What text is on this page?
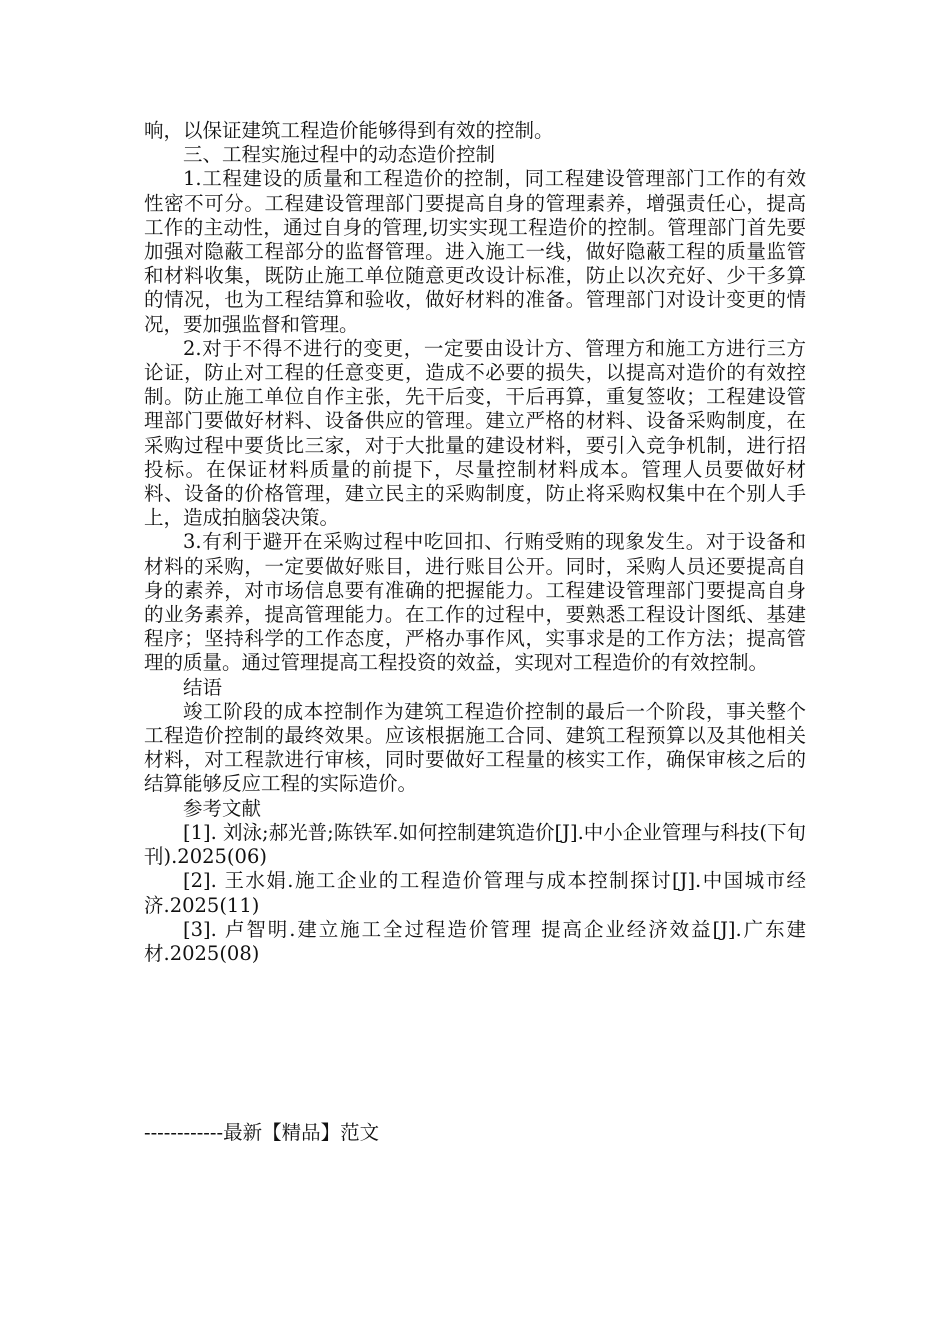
响，以保证建筑工程造价能够得到有效的控制。

三、工程实施过程中的动态造价控制

1.工程建设的质量和工程造价的控制，同工程建设管理部门工作的有效性密不可分。工程建设管理部门要提高自身的管理素养，增强责任心，提高工作的主动性，通过自身的管理,切实实现工程造价的控制。管理部门首先要加强对隐蔽工程部分的监督管理。进入施工一线，做好隐蔽工程的质量监管和材料收集，既防止施工单位随意更改设计标准，防止以次充好、少干多算的情况，也为工程结算和验收，做好材料的准备。管理部门对设计变更的情况，要加强监督和管理。

2.对于不得不进行的变更，一定要由设计方、管理方和施工方进行三方论证，防止对工程的任意变更，造成不必要的损失，以提高对造价的有效控制。防止施工单位自作主张，先干后变，干后再算，重复签收；工程建设管理部门要做好材料、设备供应的管理。建立严格的材料、设备采购制度，在采购过程中要货比三家，对于大批量的建设材料，要引入竞争机制，进行招投标。在保证材料质量的前提下，尽量控制材料成本。管理人员要做好材料、设备的价格管理，建立民主的采购制度，防止将采购权集中在个别人手上，造成拍脑袋决策。

3.有利于避开在采购过程中吃回扣、行贿受贿的现象发生。对于设备和材料的采购，一定要做好账目，进行账目公开。同时，采购人员还要提高自身的素养，对市场信息要有准确的把握能力。工程建设管理部门要提高自身的业务素养，提高管理能力。在工作的过程中，要熟悉工程设计图纸、基建程序；坚持科学的工作态度，严格办事作风，实事求是的工作方法；提高管理的质量。通过管理提高工程投资的效益，实现对工程造价的有效控制。

结语

竣工阶段的成本控制作为建筑工程造价控制的最后一个阶段，事关整个工程造价控制的最终效果。应该根据施工合同、建筑工程预算以及其他相关材料，对工程款进行审核，同时要做好工程量的核实工作，确保审核之后的结算能够反应工程的实际造价。

参考文献

[1]. 刘泳;郝光普;陈铁军.如何控制建筑造价[J].中小企业管理与科技(下旬刊).2025(06)

[2]. 王水娟.施工企业的工程造价管理与成本控制探讨[J].中国城市经济.2025(11)

[3]. 卢智明.建立施工全过程造价管理 提高企业经济效益[J].广东建材.2025(08)

------------最新【精品】范文
